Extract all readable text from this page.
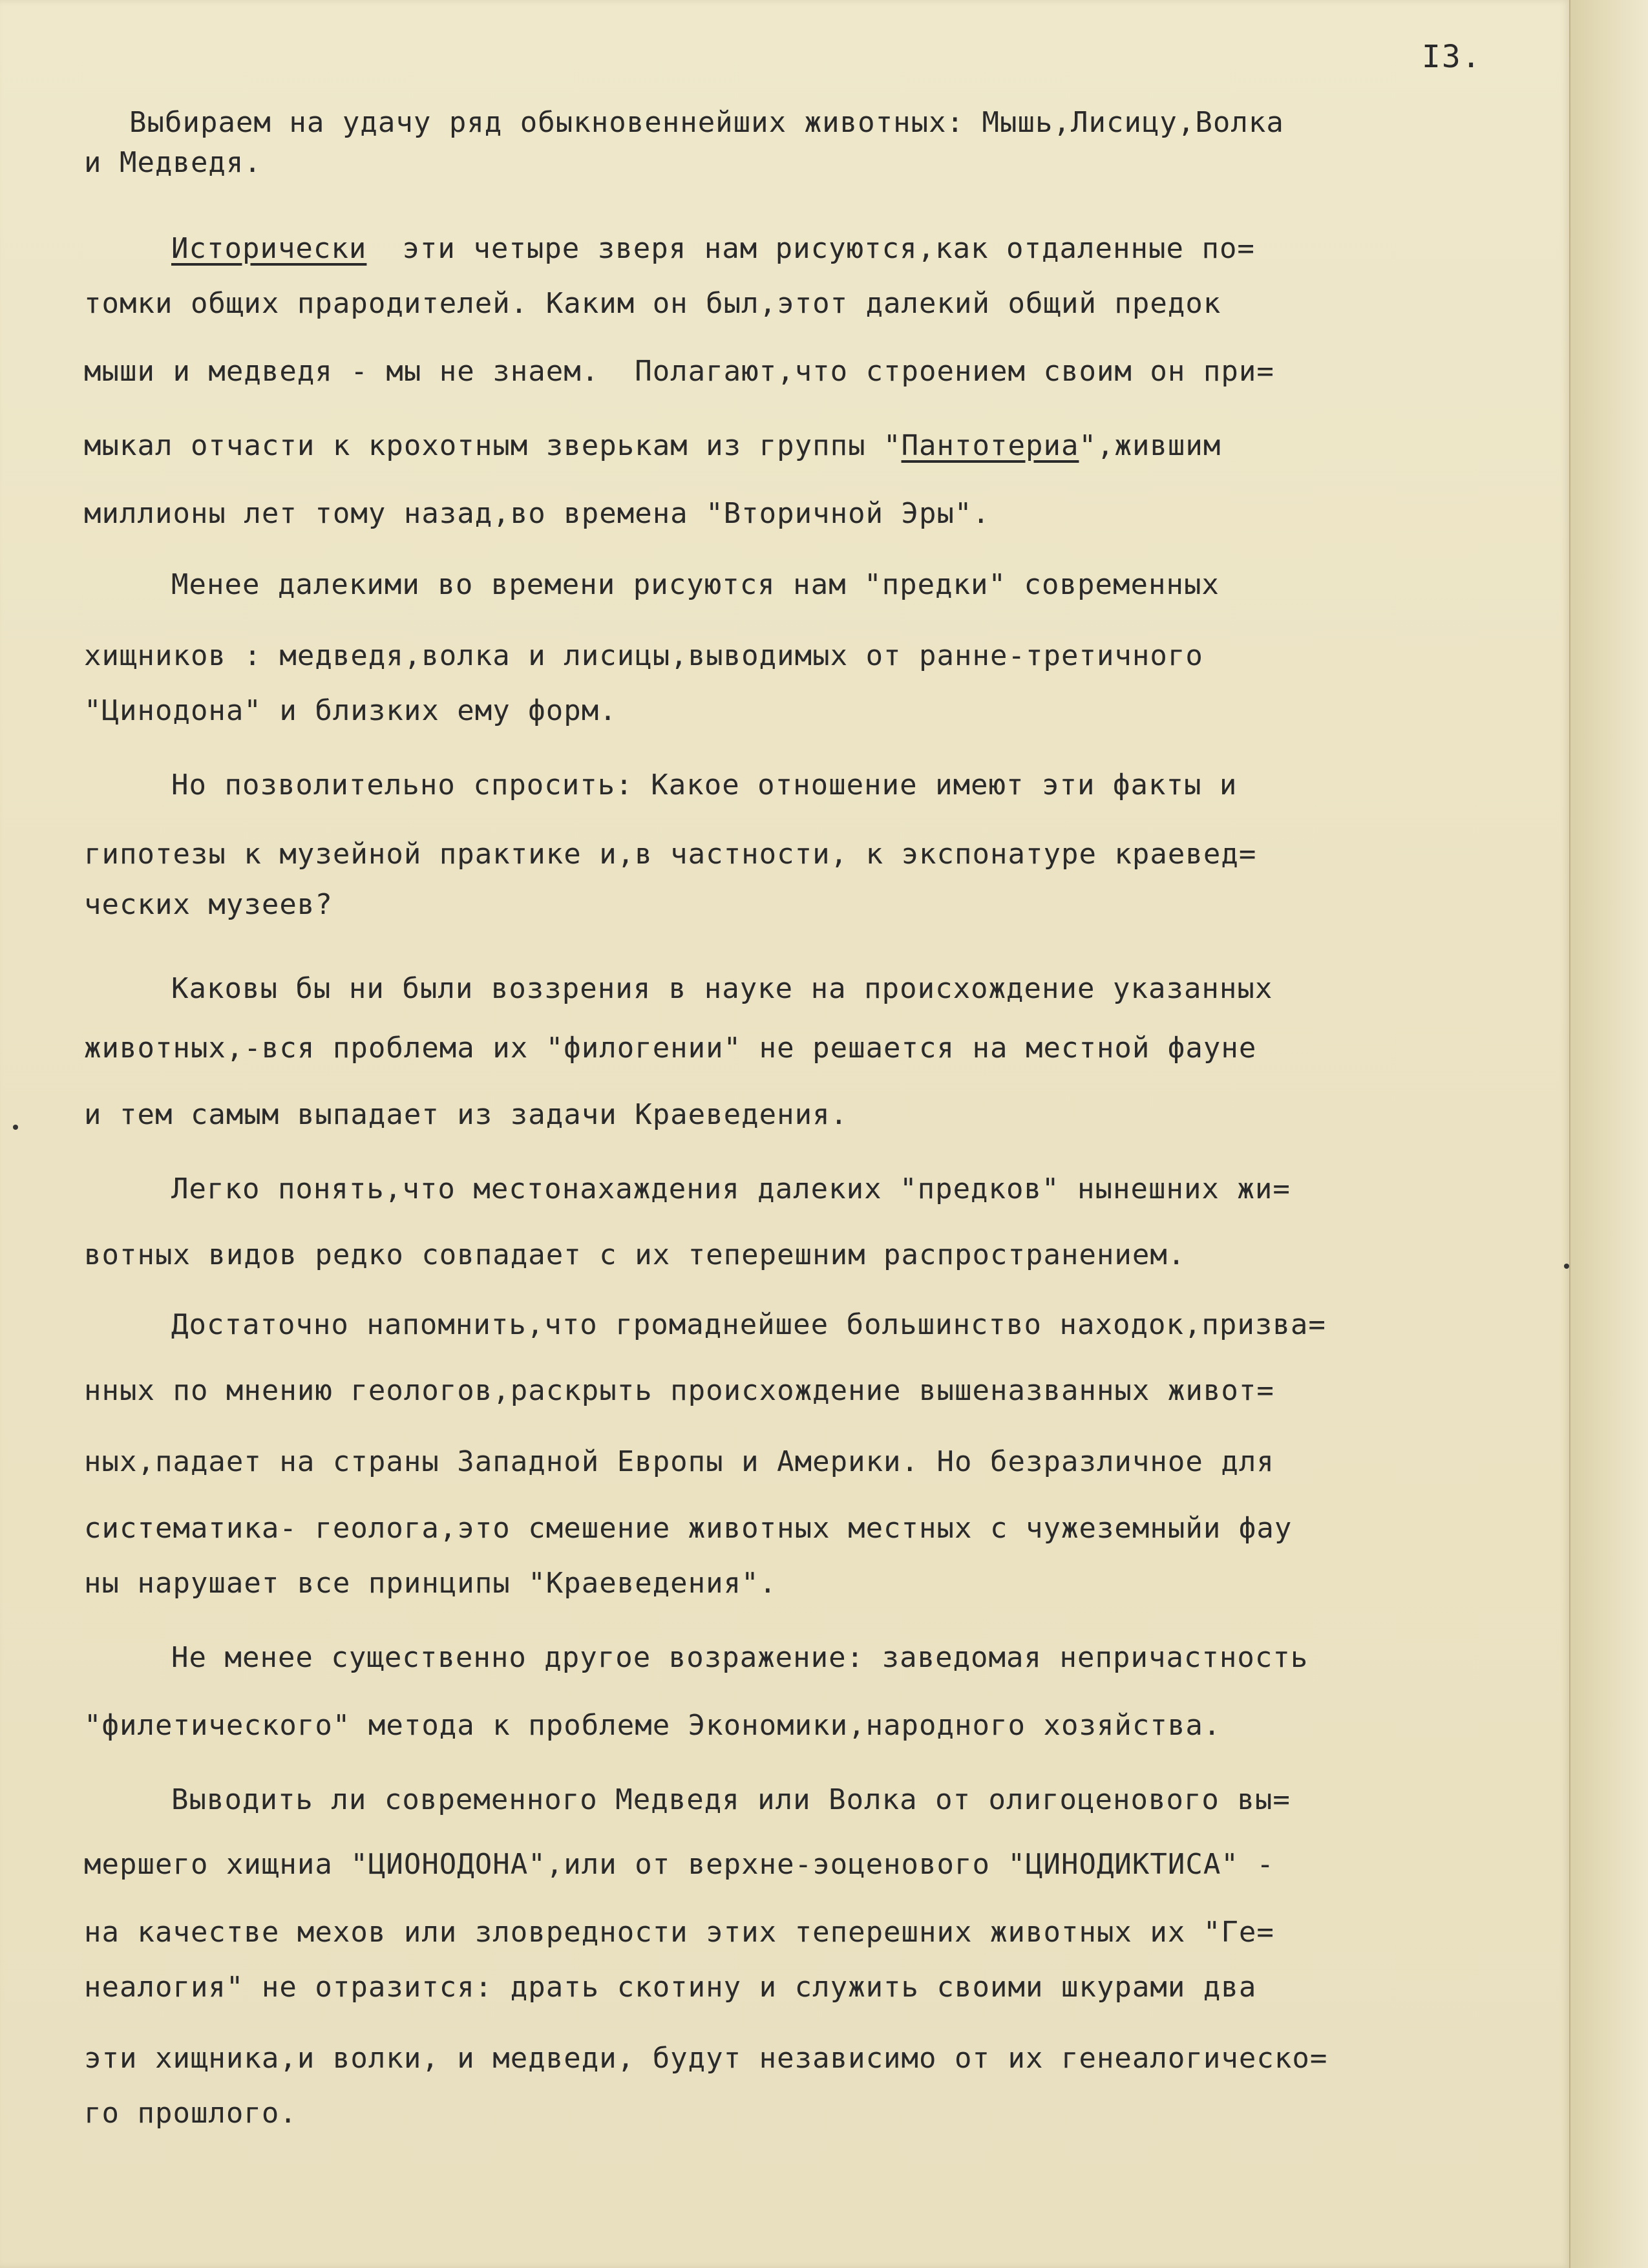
I3.
Выбираем на удачу ряд обыкновеннейших животных: Мышь,Лисицу,Волка
и Медведя.
Исторически эти четыре зверя нам рисуются,как отдаленные по=
томки общих прародителей. Каким он был,этот далекий общий предок
мыши и медведя - мы не знаем.  Полагают,что строением своим он при=
мыкал отчасти к крохотным зверькам из группы "Пантотериа",жившим
миллионы лет тому назад,во времена "Вторичной Эры".
Менее далекими во времени рисуются нам "предки" современных
хищников : медведя,волка и лисицы,выводимых от ранне-третичного
"Цинодона" и близких ему форм.
Но позволительно спросить: Какое отношение имеют эти факты и
гипотезы к музейной практике и,в частности, к экспонатуре краевед=
ческих музеев?
Каковы бы ни были воззрения в науке на происхождение указанных
животных,-вся проблема их "филогении" не решается на местной фауне
и тем самым выпадает из задачи Краеведения.
Легко понять,что местонахаждения далеких "предков" нынешних жи=
вотных видов редко совпадает с их теперешним распространением.
Достаточно напомнить,что громаднейшее большинство находок,призва=
нных по мнению геологов,раскрыть происхождение вышеназванных живот=
ных,падает на страны Западной Европы и Америки. Но безразличное для
систематика- геолога,это смешение животных местных с чужеземныйи фау
ны нарушает все принципы "Краеведения".
Не менее существенно другое возражение: заведомая непричастность
"филетического" метода к проблеме Экономики,народного хозяйства.
Выводить ли современного Медведя или Волка от олигоценового вы=
мершего хищниа "ЦИОНОДОНА",или от верхне-эоценового "ЦИНОДИКТИСА" -
на качестве мехов или зловредности этих теперешних животных их "Ге=
неалогия" не отразится: драть скотину и служить своими шкурами два
эти хищника,и волки, и медведи, будут независимо от их генеалогическо=
го прошлого.
